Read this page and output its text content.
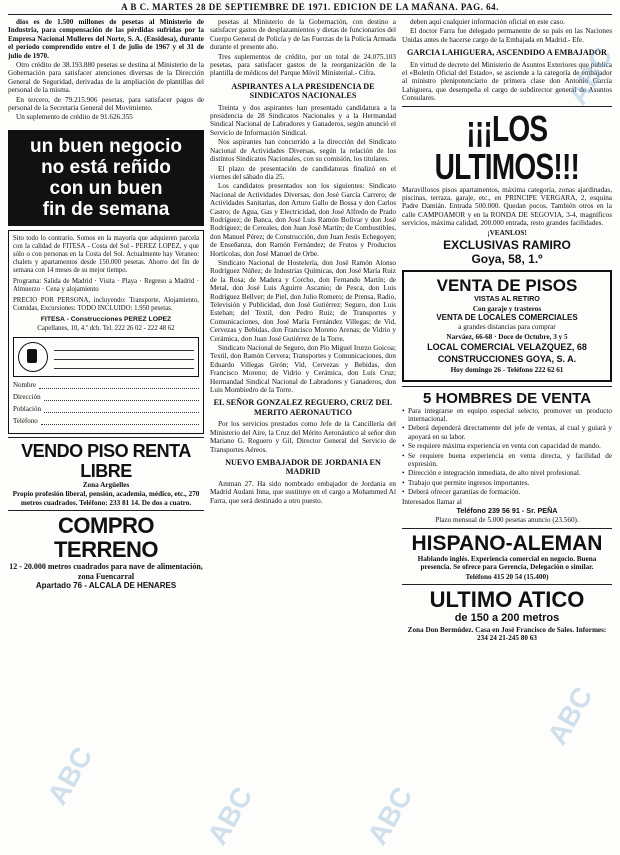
A B C. MARTES 28 DE SEPTIEMBRE DE 1971. EDICION DE LA MAÑANA. PAG. 64.

dios es de 1.500 millones de pesetas al Ministerio de Industria, para compensación de las pérdidas sufridas por la Empresa Nacional Mulleres del Norte, S. A. (Ensidesa), durante el período comprendido entre el 1 de julio de 1967 y el 31 de julio de 1970.

Otro crédito de 38.193.880 pesetas se destina al Ministerio de la Gobernación para satisfacer atenciones diversas de la Dirección General de Seguridad, derivadas de la ampliación de plantillas del personal de la misma.

En tercero, de 79.215.906 pesetas, para satisfacer pagos de personal de la Secretaría General del Movimiento.

Un suplemento de crédito de 91.626.355

un buen negocio
no está reñido
con un buen
fin de semana

Sito todo lo contrario. Somos en la mayoría que adquieren parcela con la calidad de FITESA - Costa del Sol - PEREZ LOPEZ, y que sólo o con personas en la Costa del Sol. Actualmente hay Veraneo: chalets y apartamentos desde 150.000 pesetas. Ahorro del fin de semana con 14 meses de su mejor tiempo.

Programa: Salida de Madrid · Visita · Playa · Regreso a Madrid · Almuerzo · Cena y alojamiento

PRECIO POR PERSONA, incluyendo: Transporte, Alojamiento, Comidas, Excursiones: TODO INCLUIDO: 1.950 pesetas.

FITESA - Construcciones PEREZ LOPEZ

Capellanes, 10, 4.º dch. Tel. 222 26 02 - 222 48 62

Nombre
Dirección
Población
Teléfono
VENDO PISO RENTA LIBRE

Zona Argüelles

Propio profesión liberal, pensión, academia, médico, etc., 270 metros cuadrados. Teléfono: 233 81 14. De dos a cuatro.

COMPRO TERRENO

12 - 20.000 metros cuadrados para nave de alimentación, zona Fuencarral

Apartado 76 - ALCALA DE HENARES

pesetas al Ministerio de la Gobernación, con destino a satisfacer gastos de desplazamientos y dietas de funcionarios del Cuerpo General de Policía y de las Fuerzas de la Policía Armada durante el presente año.

Tres suplementos de crédito, por un total de 24.075.103 pesetas, para satisfacer gastos de la reorganización de la plantilla de médicos del Parque Móvil Ministerial.- Cifra.

ASPIRANTES A LA PRESIDENCIA DE SINDICATOS NACIONALES

Treinta y dos aspirantes han presentado candidatura a la presidencia de 28 Sindicatos Nacionales y a la Hermandad Sindical Nacional de Labradores y Ganaderos, según anunció el Servicio de Información Sindical.

Nos aspirantes han concurrido a la dirección del Sindicato Nacional de Actividades Diversas, según la relación de los distintos Sindicatos Nacionales, con su comisión, los titulares.

El plazo de presentación de candidaturas finalizó en el viernes del sábado día 25.

Los candidatos presentados son los siguientes: Sindicato Nacional de Actividades Diversas, don José García Carrero; de Actividades Sanitarias, don Arturo Gallo de Bossa y don Carlos Castro; de Agua, Gas y Electricidad, don José Alfredo de Prado Rodríguez; de Banca, don José Luis Ramón Bolívar y don José Rodríguez; de Cereales, don Juan José Martín; de Combustibles, don Manuel Pérez; de Construcción, don Juan Jesús Echegoyen; de Enseñanza, don Ramón Fernández; de Frutos y Productos Hortícolas, don José Manuel de Orbe.

Sindicato Nacional de Hostelería, don José Ramón Alonso Rodríguez Núñez; de Industrias Químicas, don José María Ruiz de la Rosa; de Madera y Corcho, don Fernando Martín; de Metal, don José Luis Aguirre Ascanio; de Pesca, don Luis Rodríguez Bellver; de Piel, don Julio Romero; de Prensa, Radio, Televisión y Publicidad, don José Gutiérrez; Seguro, don Luis Esteban; del Textil, don Pedro Ruiz; de Transportes y Comunicaciones, don José María Fernández Villegas; de Vid, Cervezas y Bebidas, don Francisco Moreno Arenas; de Vidrio y Cerámica, don Juan José Gutiérrez de la Torre.

Sindicato Nacional de Seguro, don Pío Miguel Irurzo Goicoa; Textil, don Ramón Cervera; Transportes y Comunicaciones, don Eduardo Villegas Girón; Vid, Cervezas y Bebidas, don Francisco Moreno; de Vidrio y Cerámica, don Luis Cruz; Hermandad Sindical Nacional de Labradores y Ganaderos, don Luis Mombiedro de la Torre.

EL SEÑOR GONZALEZ REGUERO, CRUZ DEL MERITO AERONAUTICO

Por los servicios prestados como Jefe de la Cancillería del Ministerio del Aire, la Cruz del Mérito Aeronáutico al señor don Mariano G. Reguero y Gil, Director General del Servicio de Transportes Aéreos.

NUEVO EMBAJADOR DE JORDANIA EN MADRID

Amman 27. Ha sido nombrado embajador de Jordania en Madrid Audani Inna, que sustituye en el cargo a Mohammed Al Farra, que será destinado a otro puesto.

deben aquí cualquier información oficial en este caso.

El doctor Farra fue delegado permanente de su país en las Naciones Unidas antes de hacerse cargo de la Embajada en Madrid.- Efe.

GARCIA LAHIGUERA, ASCENDIDO A EMBAJADOR

En virtud de decreto del Ministerio de Asuntos Exteriores que publica el «Boletín Oficial del Estado», se asciende a la categoría de embajador al ministro plenipotenciario de primera clase don Antonio García Lahiguera, que desempeña el cargo de subdirector general de Asuntos Consulares.

¡¡¡LOS ULTIMOS!!!

Maravillosos pisos apartamentos, máxima categoría, zonas ajardinadas, piscinas, terraza, garaje, etc., en PRINCIPE VERGARA, 2, esquina Padre Damián. Entrada 500.000. Quedan pocos. También otros en la calle CAMPOAMOR y en la RONDA DE SEGOVIA, 3-4, magníficos servicios, máxima calidad, 200.000 entrada, resto grandes facilidades.

¡VEANLOS!

EXCLUSIVAS RAMIRO
Goya, 58, 1.º
VENTA DE PISOS

VISTAS AL RETIRO

Con garaje y trasteros

VENTA DE LOCALES COMERCIALES

a grandes distancias para comprar

Narváez, 66-68 · Doce de Octubre, 3 y 5

LOCAL COMERCIAL VELAZQUEZ, 68

CONSTRUCCIONES GOYA, S. A.

Hoy domingo 26 - Teléfono 222 62 61

5 HOMBRES DE VENTA

• Para integrarse en equipo especial selecto, promover un producto internacional.

• Deberá dependerá directamente del jefe de ventas, al cual y guiará y apoyará en su labor.

• Se requiere máxima experiencia en venta con capacidad de mando.

• Se requiere buena experiencia en venta directa, y facilidad de expresión.

• Dirección e integración inmediata, de alto nivel profesional.

• Trabajo que permite ingresos importantes.

• Deberá ofrecer garantías de formación.

Interesados llamar al

Teléfono 239 56 91 - Sr. PEÑA

Plazo mensual de 5.000 pesetas anuncio (23.560).

HISPANO-ALEMAN

Hablando inglés. Experiencia comercial en negocio. Buena presencia. Se ofrece para Gerencia, Delegación o similar.

Teléfono 415 20 54 (15.400)

ULTIMO ATICO

de 150 a 200 metros

Zona Don Bermúdez. Casa en José Francisco de Sales. Informes: 234 24 21-245 80 63

ABC
ABC	ABC
ABC
ABC
